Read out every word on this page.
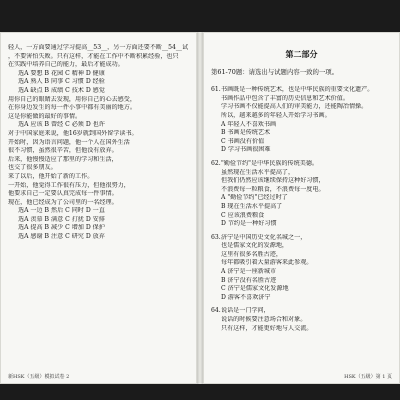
轻人，一方面要通过学习提高__53__，另一方面还要不断__54__试
，不要害怕失败。只有这样，才能在工作中不断积累经验，也只
在实践中培养自己的能力，最后才能成功。
选A 要想 B 花园 C 精神 D 健康
选A 熟人 B 同事 C 习惯 D 经验
选A 缺点 B 成绩 C 技术 D 感觉
用你自己的眼睛去发现，用你自己的心去感受，
在你身边发生的每一件小事中都有美丽的地方。
这是你能做的最好的事情。
选A 应该 B 曾经 C 必须 D 也许
对于中国家庭来说，他16岁就到国外留学读书。
开始时，因为语言问题，他一个人在国外生活
很不习惯，虽然很辛苦，但他没有放弃。
后来，他慢慢适应了那里的学习和生活，
也交了很多朋友。
来了以后，他开始了新的工作。
一开始，他觉得工作很有压力，但他很努力，
他要求自己一定要认真完成每一件事情。
现在，他已经成为了公司里的一名经理。
选A 一边 B 然后 C 同时 D 一直
选A 羡慕 B 满意 C 打扰 D 安排
选A 提高 B 减少 C 增加 D 保护
选A 感谢 B 注意 C 研究 D 放弃
新HSK（五级）模拟试卷 2
第二部分
第61-70题：请选出与试题内容一致的一项。
61.书画既是一种传统艺术，也是中华民族的重要文化遗产。
书画作品中包含了丰富的历史信息和艺术价值。
学习书画不仅能提高人们的审美能力，还能陶冶情操。
所以，越来越多的年轻人开始学习书画。
A 年轻人不喜欢书画
B 书画是传统艺术
C 书画没有价值
D 学习书画很困难
62."勤俭节约"是中华民族的传统美德。
虽然现在生活水平提高了，
但我们仍然应该继续保持这种好习惯，
不浪费每一粒粮食，不浪费每一度电。
A "勤俭节约"已经过时了
B 现在生活水平提高了
C 应该浪费粮食
D 节约是一种好习惯
63.济宁是中国历史文化名城之一，
也是儒家文化的发源地，
这里有很多名胜古迹，
每年都吸引着大量游客来此参观。
A 济宁是一座新城市
B 济宁没有名胜古迹
C 济宁是儒家文化发源地
D 游客不喜欢济宁
64.说话是一门学问，
说话的时候要注意场合和对象。
只有这样，才能更好地与人交流。
HSK（五级）第 1 页
